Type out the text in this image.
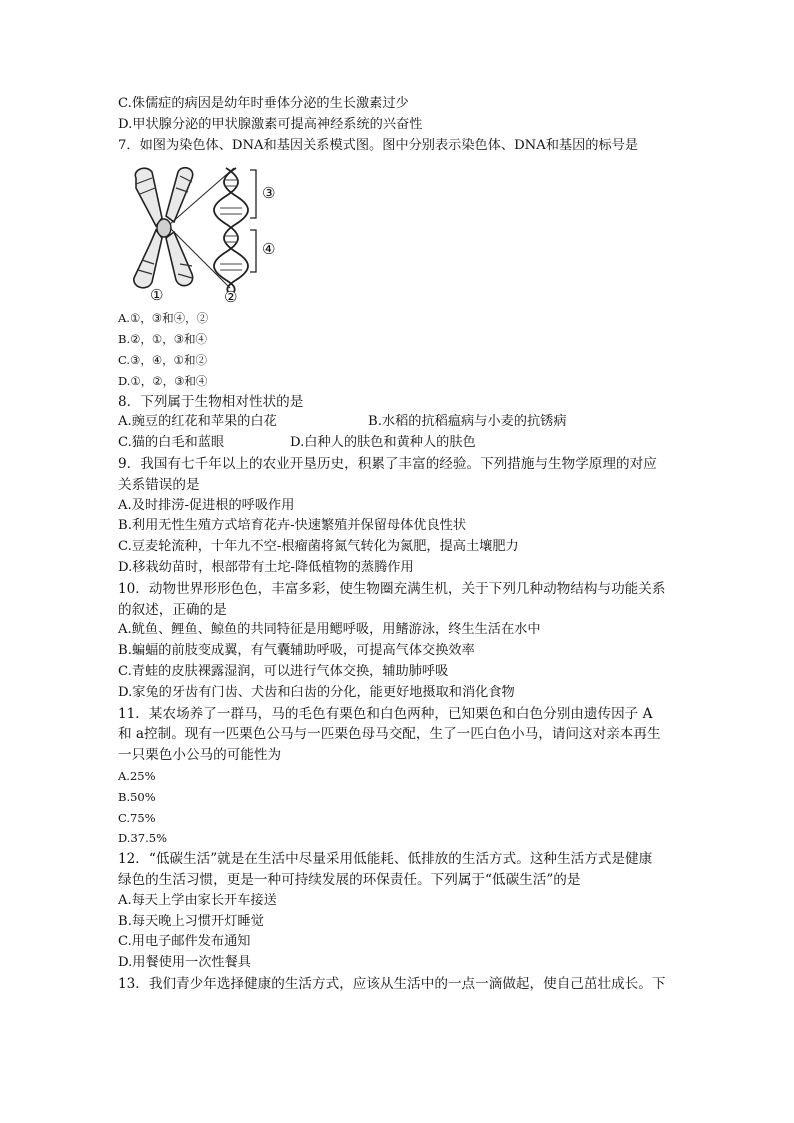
C.侏儒症的病因是幼年时垂体分泌的生长激素过少
D.甲状腺分泌的甲状腺激素可提高神经系统的兴奋性
7．如图为染色体、DNA和基因关系模式图。图中分别表示染色体、DNA和基因的标号是
①	②
③
④
A.①，③和④，②
B.②，①，③和④
C.③，④，①和②
D.①，②，③和④
8．下列属于生物相对性状的是
A.豌豆的红花和苹果的白花	B.水稻的抗稻瘟病与小麦的抗锈病
C.猫的白毛和蓝眼	D.白种人的肤色和黄种人的肤色
9．我国有七千年以上的农业开垦历史，积累了丰富的经验。下列措施与生物学原理的对应
关系错误的是
A.及时排涝-促进根的呼吸作用
B.利用无性生殖方式培育花卉-快速繁殖并保留母体优良性状
C.豆麦轮流种，十年九不空-根瘤菌将氮气转化为氮肥，提高土壤肥力
D.移栽幼苗时，根部带有土坨-降低植物的蒸腾作用
10．动物世界形形色色，丰富多彩，使生物圈充满生机，关于下列几种动物结构与功能关系
的叙述，正确的是
A.鱿鱼、鲤鱼、鲸鱼的共同特征是用鳃呼吸，用鳍游泳，终生生活在水中
B.蝙蝠的前肢变成翼，有气囊辅助呼吸，可提高气体交换效率
C.青蛙的皮肤裸露湿润，可以进行气体交换，辅助肺呼吸
D.家兔的牙齿有门齿、犬齿和臼齿的分化，能更好地摄取和消化食物
11．某农场养了一群马，马的毛色有栗色和白色两种，已知栗色和白色分别由遗传因子 A
和 a控制。现有一匹栗色公马与一匹栗色母马交配，生了一匹白色小马，请问这对亲本再生
一只栗色小公马的可能性为
A.25%
B.50%
C.75%
D.37.5%
12．“低碳生活”就是在生活中尽量采用低能耗、低排放的生活方式。这种生活方式是健康
绿色的生活习惯，更是一种可持续发展的环保责任。下列属于“低碳生活”的是
A.每天上学由家长开车接送
B.每天晚上习惯开灯睡觉
C.用电子邮件发布通知
D.用餐使用一次性餐具
13．我们青少年选择健康的生活方式，应该从生活中的一点一滴做起，使自己茁壮成长。下
